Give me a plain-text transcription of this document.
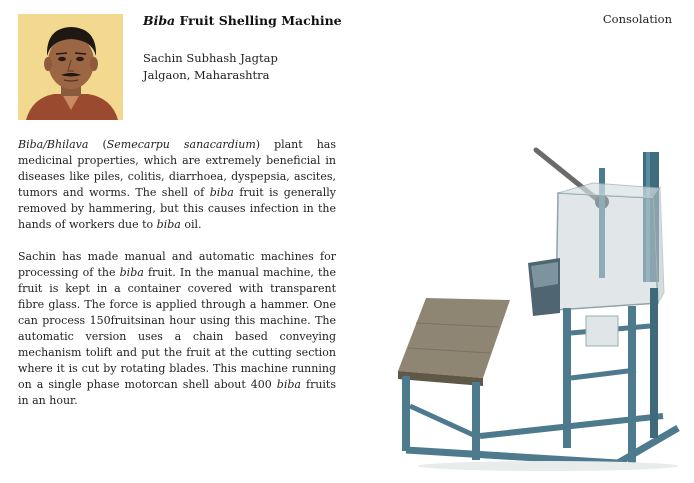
Biba Fruit Shelling Machine	Consolation
Sachin Subhash Jagtap
Jalgaon, Maharashtra

Biba/Bhilava (Semecarpu sanacardium) plant has medicinal properties, which are extremely beneficial in diseases like piles, colitis, diarrhoea, dyspepsia, ascites, tumors and worms. The shell of biba fruit is generally removed by hammering, but this causes infection in the hands of workers due to biba oil.

Sachin has made manual and automatic machines for processing of the biba fruit. In the manual machine, the fruit is kept in a container covered with transparent fibre glass. The force is applied through a hammer. One can process 150fruitsinan hour using this machine. The automatic version uses a chain based conveying mechanism tolift and put the fruit at the cutting section where it is cut by rotating blades. This machine running on a single phase motorcan shell about 400 biba fruits in an hour.
